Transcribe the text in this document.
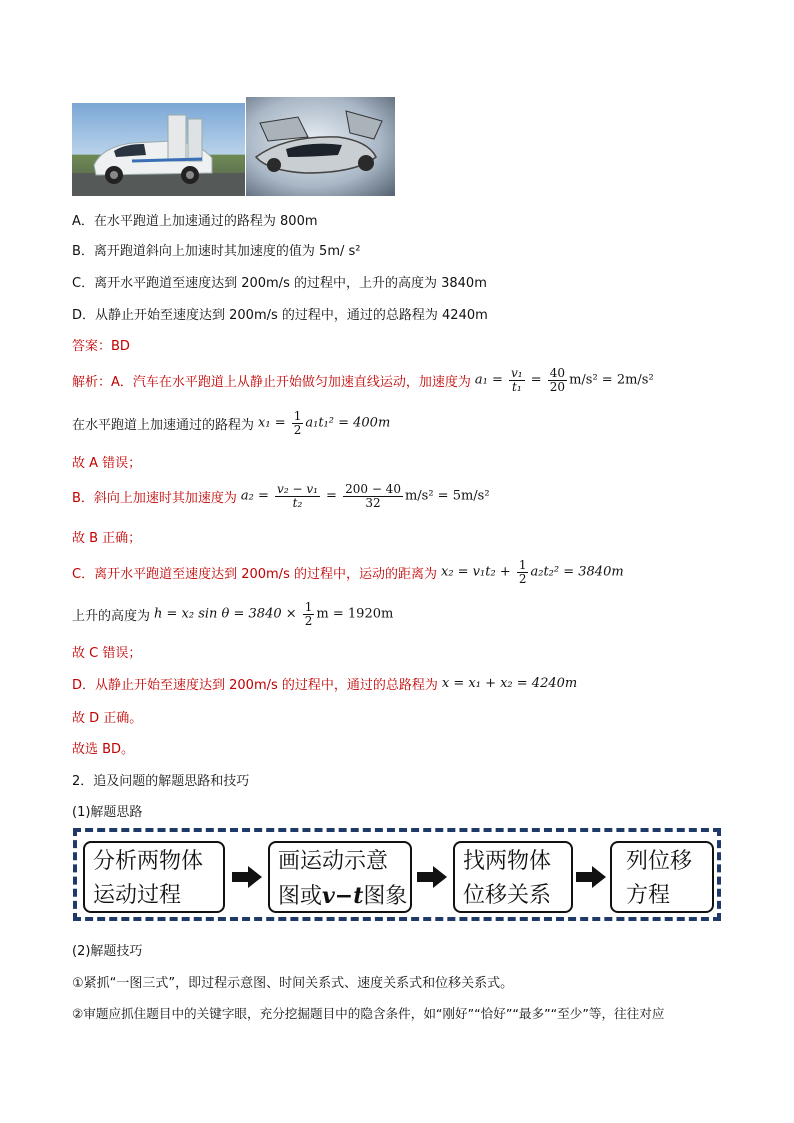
A．在水平跑道上加速通过的路程为 800m
B．离开跑道斜向上加速时其加速度的值为 5m/ s²
C．离开水平跑道至速度达到 200m/s 的过程中，上升的高度为 3840m
D．从静止开始至速度达到 200m/s 的过程中，通过的总路程为 4240m
答案：BD
解析：A．汽车在水平跑道上从静止开始做匀加速直线运动，加速度为 $a_1 = \frac{\text{v₁}}{\text{t₁}} = \frac{40}{20} m/s^2 = 2m/s^2$
在水平跑道上加速通过的路程为 $x_1 = \frac{1}{2} a_1t_1^2 = 400m$
故 A 错误；
B．斜向上加速时其加速度为 $a_2 = \frac{\text{v₂ − v₁}}{\text{t₂}} = \frac{200 - 40}{32} m/s^2 = 5m/s^2$
故 B 正确；
C．离开水平跑道至速度达到 200m/s 的过程中，运动的距离为 $x_2 = v_1t_2 + \frac{1}{2} a_2t_2^2 = 3840m$
上升的高度为 h = x₂ $\sin \theta = 3840 \times \frac{1}{2}$ m = 1920m
故 C 错误；
D．从静止开始至速度达到 200m/s 的过程中，通过的总路程为 x = x₁ + x₂ = 4240m
故 D 正确。
故选 BD。
2．追及问题的解题思路和技巧
(1)解题思路
分析两物体
运动过程
画运动示意
图或v−t图象
找两物体
位移关系
列位移
方程
(2)解题技巧
①紧抓“一图三式”，即过程示意图、时间关系式、速度关系式和位移关系式。
②审题应抓住题目中的关键字眼，充分挖掘题目中的隐含条件，如“刚好”“恰好”“最多”“至少”等，往往对应
